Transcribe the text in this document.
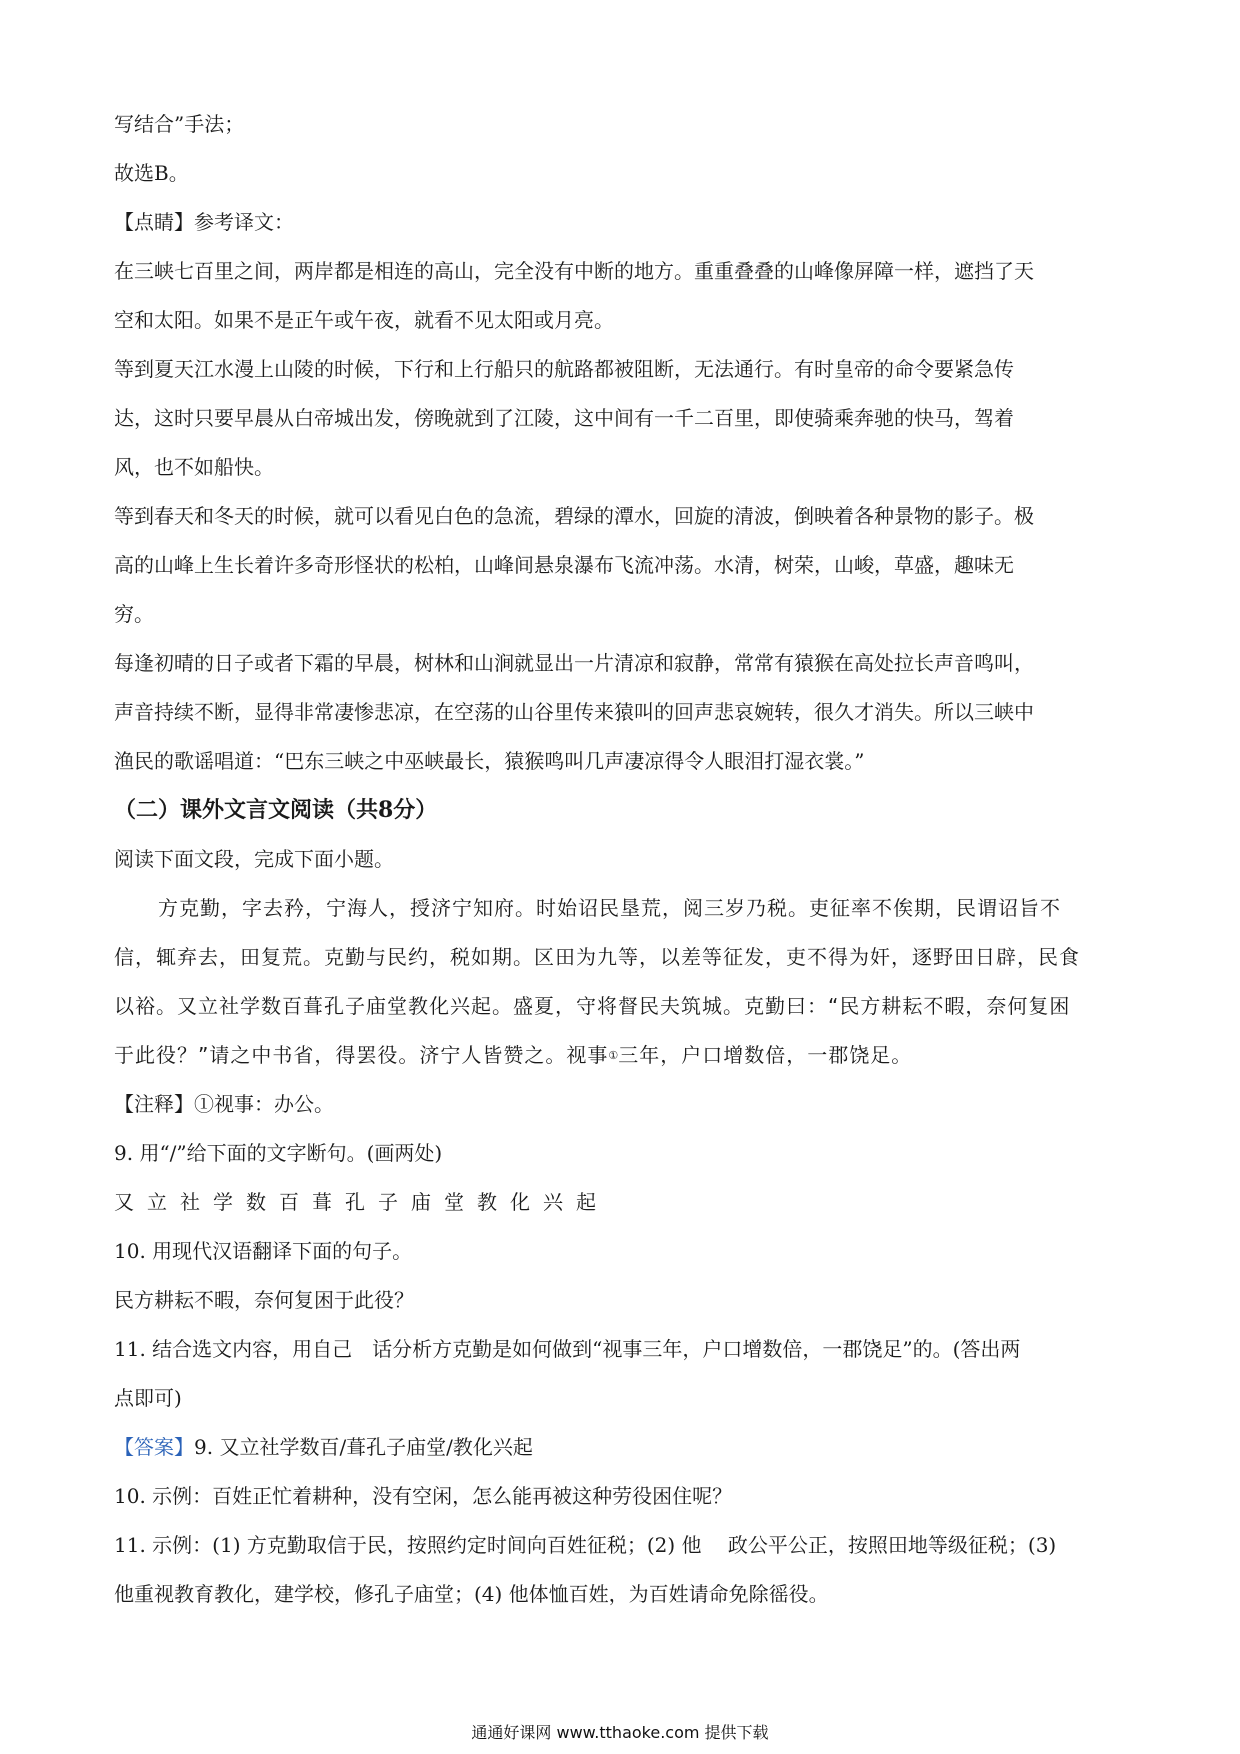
写结合”手法；
故选B。
【点睛】参考译文：
在三峡七百里之间，两岸都是相连的高山，完全没有中断的地方。重重叠叠的山峰像屏障一样，遮挡了天
空和太阳。如果不是正午或午夜，就看不见太阳或月亮。
等到夏天江水漫上山陵的时候，下行和上行船只的航路都被阻断，无法通行。有时皇帝的命令要紧急传
达，这时只要早晨从白帝城出发，傍晚就到了江陵，这中间有一千二百里，即使骑乘奔驰的快马，驾着
风，也不如船快。
等到春天和冬天的时候，就可以看见白色的急流，碧绿的潭水，回旋的清波，倒映着各种景物的影子。极
高的山峰上生长着许多奇形怪状的松柏，山峰间悬泉瀑布飞流冲荡。水清，树荣，山峻，草盛，趣味无
穷。
每逢初晴的日子或者下霜的早晨，树林和山涧就显出一片清凉和寂静，常常有猿猴在高处拉长声音鸣叫，
声音持续不断，显得非常凄惨悲凉，在空荡的山谷里传来猿叫的回声悲哀婉转，很久才消失。所以三峡中
渔民的歌谣唱道：“巴东三峡之中巫峡最长，猿猴鸣叫几声凄凉得令人眼泪打湿衣裳。”
（二）课外文言文阅读（共8分）
阅读下面文段，完成下面小题。
方克勤，字去矜，宁海人，授济宁知府。时始诏民垦荒，阅三岁乃税。吏征率不俟期，民谓诏旨不
信，辄弃去，田复荒。克勤与民约，税如期。区田为九等，以差等征发，吏不得为奸，逐野田日辟，民食
以裕。又立社学数百葺孔子庙堂教化兴起。盛夏，守将督民夫筑城。克勤曰：“民方耕耘不暇，奈何复困
于此役？”请之中书省，得罢役。济宁人皆赞之。视事 ① 三年，户口增数倍，一郡饶足。
【注释】①视事：办公。
9. 用“/”给下面的文字断句。(画两处)
又立社学数百葺孔子庙堂教化兴起
10. 用现代汉语翻译下面的句子。
民方耕耘不暇，奈何复困于此役？
11. 结合选文内容，用自己　话分析方克勤是如何做到“视事三年，户口增数倍，一郡饶足”的。(答出两
点即可)
【答案】 9. 又立社学数百/葺孔子庙堂/教化兴起
10. 示例：百姓正忙着耕种，没有空闲，怎么能再被这种劳役困住呢？
11. 示例：(1) 方克勤取信于民，按照约定时间向百姓征税；(2) 他　 政公平公正，按照田地等级征税；(3)
他重视教育教化，建学校，修孔子庙堂；(4) 他体恤百姓，为百姓请命免除徭役。
通通好课网 www.tthaoke.com 提供下载
